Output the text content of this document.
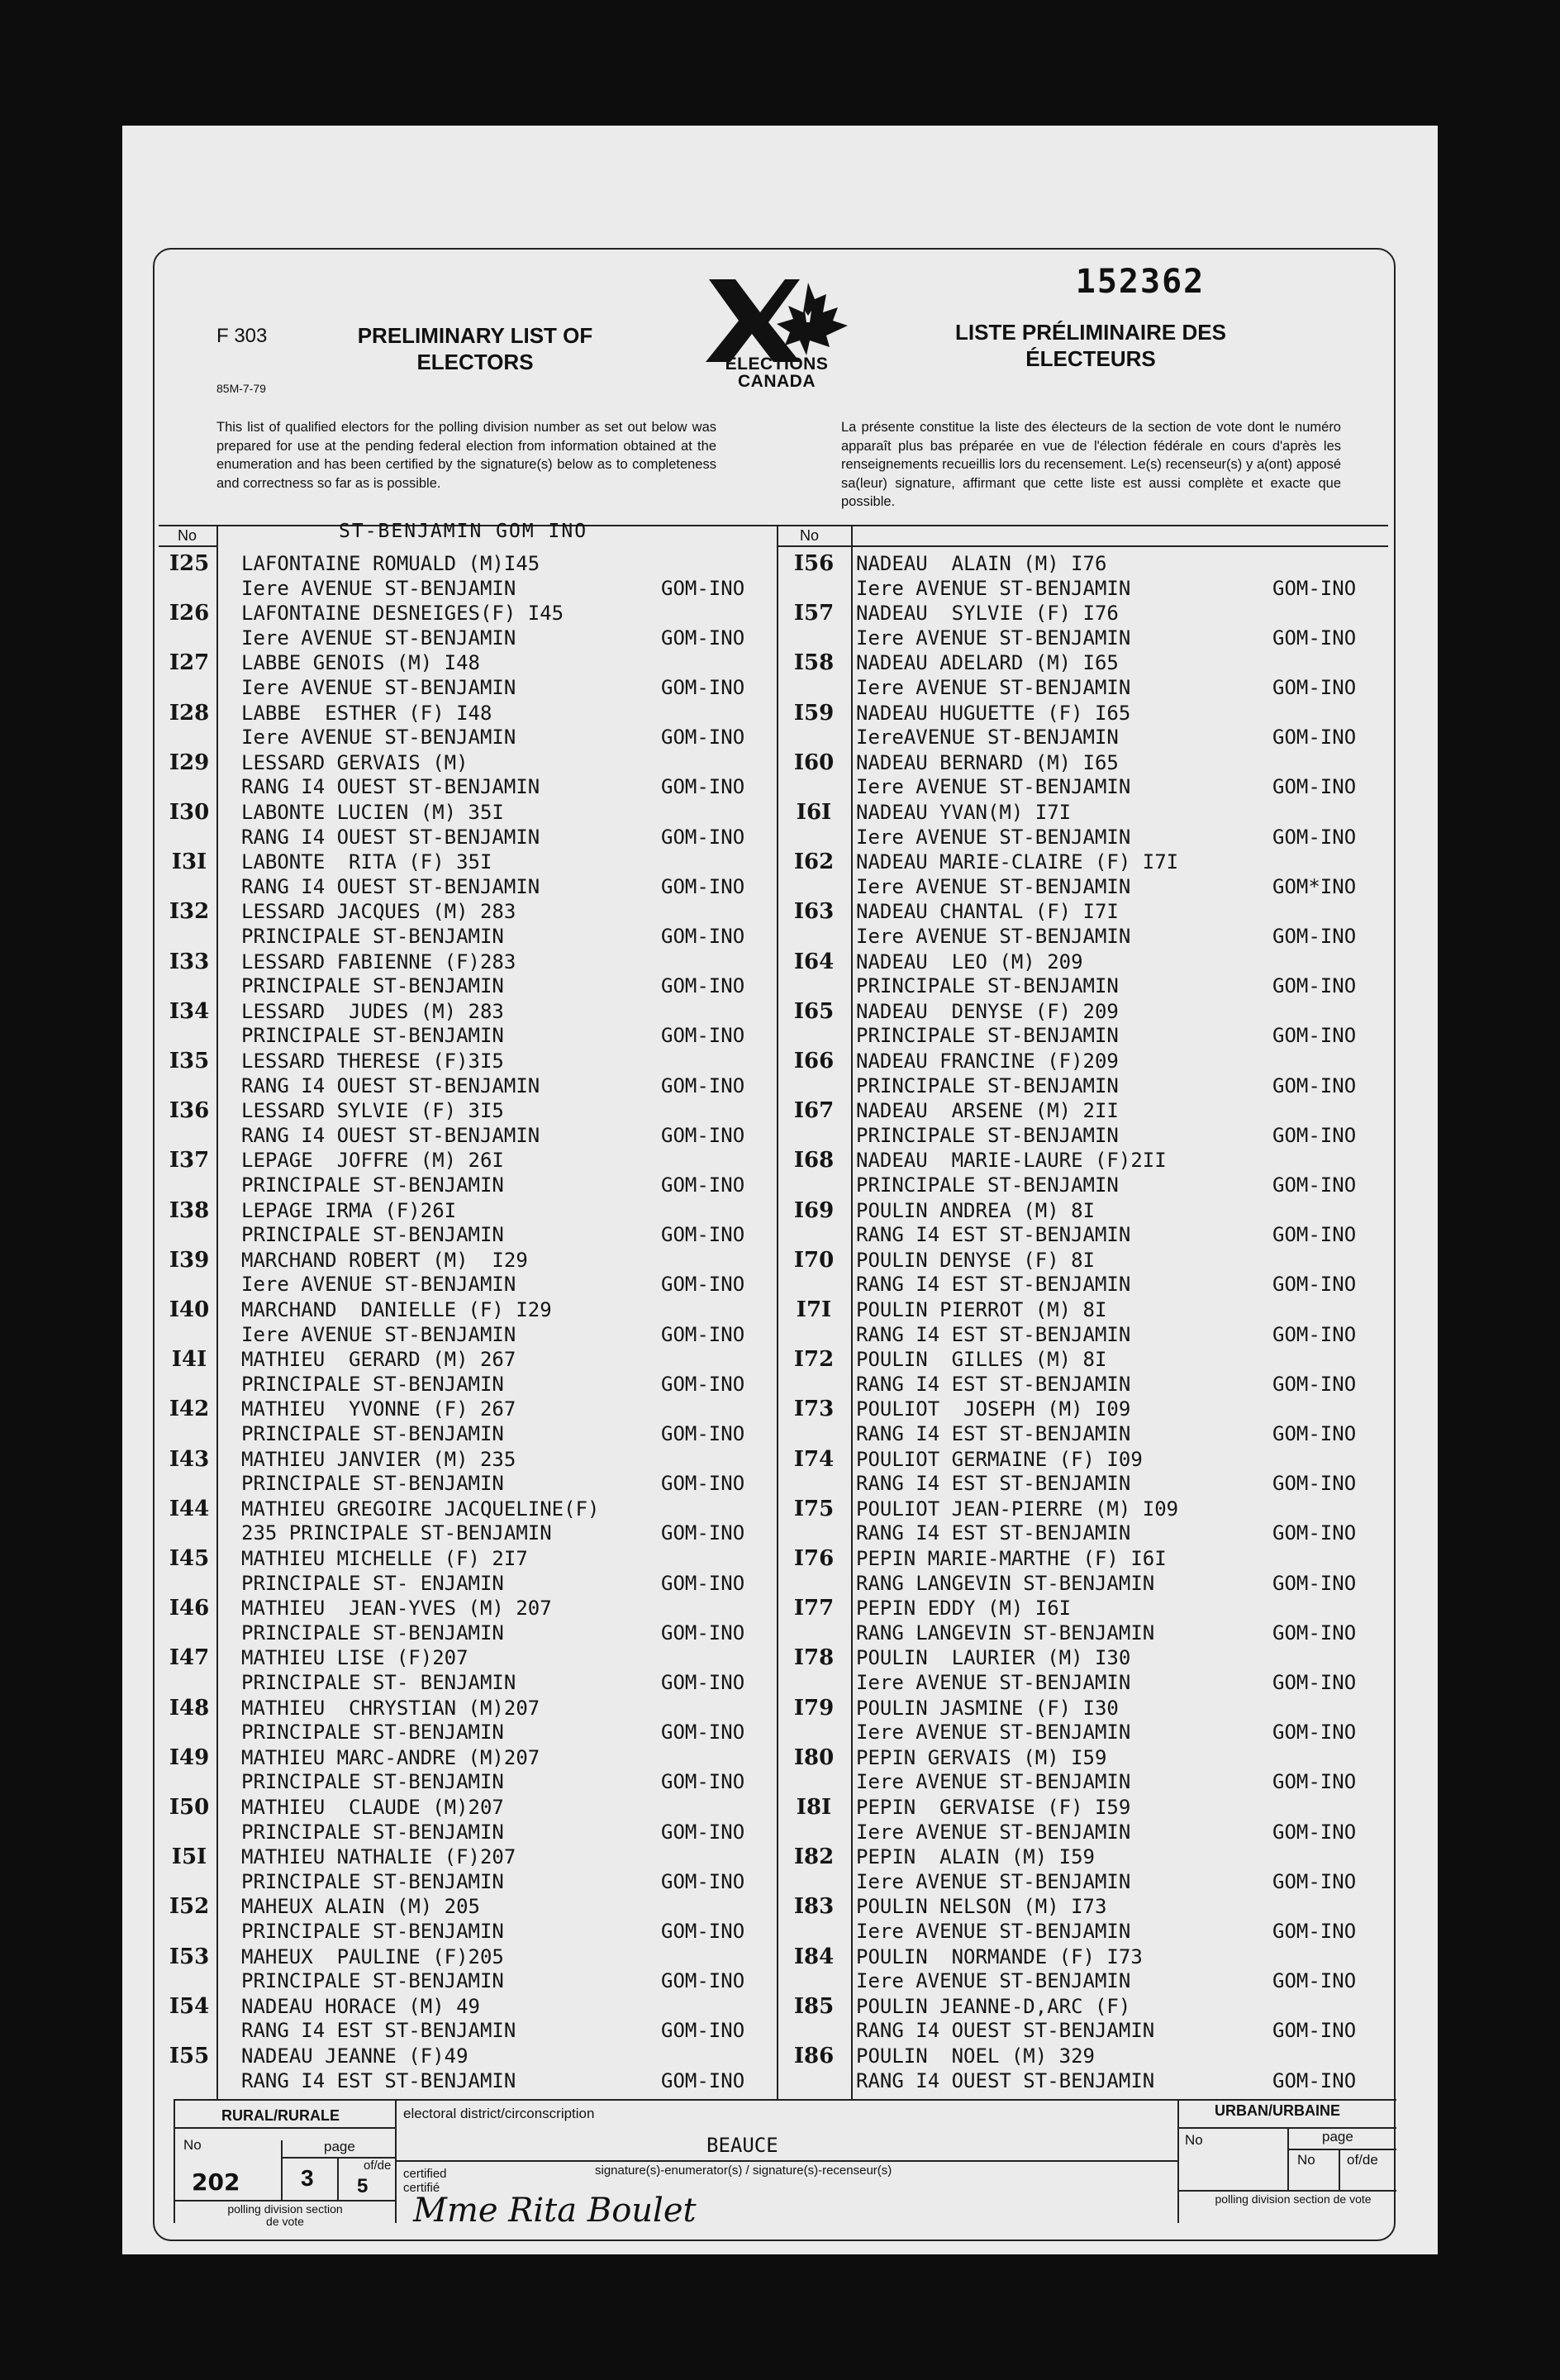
152362
F 303
85M-7-79
PRELIMINARY LIST OF ELECTORS
LISTE PRÉLIMINAIRE DES ÉLECTEURS
ELECTIONS CANADA
This list of qualified electors for the polling division number as set out below was prepared for use at the pending federal election from information obtained at the enumeration and has been certified by the signature(s) below as to completeness and correctness so far as is possible.
La présente constitue la liste des électeurs de la section de vote dont le numéro apparaît plus bas préparée en vue de l'élection fédérale en cours d'après les renseignements recueillis lors du recensement. Le(s) recenseur(s) y a(ont) apposé sa(leur) signature, affirmant que cette liste est aussi complète et exacte que possible.
No	ST-BENJAMIN GOM INO	No
I25	LAFONTAINE ROMUALD (M)I45
Iere AVENUE ST-BENJAMIN	GOM-INO
I26	LAFONTAINE DESNEIGES(F) I45
Iere AVENUE ST-BENJAMIN	GOM-INO
I27	LABBE GENOIS (M) I48
Iere AVENUE ST-BENJAMIN	GOM-INO
I28	LABBE  ESTHER (F) I48
Iere AVENUE ST-BENJAMIN	GOM-INO
I29	LESSARD GERVAIS (M)
RANG I4 OUEST ST-BENJAMIN	GOM-INO
I30	LABONTE LUCIEN (M) 35I
RANG I4 OUEST ST-BENJAMIN	GOM-INO
I3I	LABONTE  RITA (F) 35I
RANG I4 OUEST ST-BENJAMIN	GOM-INO
I32	LESSARD JACQUES (M) 283
PRINCIPALE ST-BENJAMIN	GOM-INO
I33	LESSARD FABIENNE (F)283
PRINCIPALE ST-BENJAMIN	GOM-INO
I34	LESSARD  JUDES (M) 283
PRINCIPALE ST-BENJAMIN	GOM-INO
I35	LESSARD THERESE (F)3I5
RANG I4 OUEST ST-BENJAMIN	GOM-INO
I36	LESSARD SYLVIE (F) 3I5
RANG I4 OUEST ST-BENJAMIN	GOM-INO
I37	LEPAGE  JOFFRE (M) 26I
PRINCIPALE ST-BENJAMIN	GOM-INO
I38	LEPAGE IRMA (F)26I
PRINCIPALE ST-BENJAMIN	GOM-INO
I39	MARCHAND ROBERT (M)  I29
Iere AVENUE ST-BENJAMIN	GOM-INO
I40	MARCHAND  DANIELLE (F) I29
Iere AVENUE ST-BENJAMIN	GOM-INO
I4I	MATHIEU  GERARD (M) 267
PRINCIPALE ST-BENJAMIN	GOM-INO
I42	MATHIEU  YVONNE (F) 267
PRINCIPALE ST-BENJAMIN	GOM-INO
I43	MATHIEU JANVIER (M) 235
PRINCIPALE ST-BENJAMIN	GOM-INO
I44	MATHIEU GREGOIRE JACQUELINE(F)
235 PRINCIPALE ST-BENJAMIN	GOM-INO
I45	MATHIEU MICHELLE (F) 2I7
PRINCIPALE ST- ENJAMIN	GOM-INO
I46	MATHIEU  JEAN-YVES (M) 207
PRINCIPALE ST-BENJAMIN	GOM-INO
I47	MATHIEU LISE (F)207
PRINCIPALE ST- BENJAMIN	GOM-INO
I48	MATHIEU  CHRYSTIAN (M)207
PRINCIPALE ST-BENJAMIN	GOM-INO
I49	MATHIEU MARC-ANDRE (M)207
PRINCIPALE ST-BENJAMIN	GOM-INO
I50	MATHIEU  CLAUDE (M)207
PRINCIPALE ST-BENJAMIN	GOM-INO
I5I	MATHIEU NATHALIE (F)207
PRINCIPALE ST-BENJAMIN	GOM-INO
I52	MAHEUX ALAIN (M) 205
PRINCIPALE ST-BENJAMIN	GOM-INO
I53	MAHEUX  PAULINE (F)205
PRINCIPALE ST-BENJAMIN	GOM-INO
I54	NADEAU HORACE (M) 49
RANG I4 EST ST-BENJAMIN	GOM-INO
I55	NADEAU JEANNE (F)49
RANG I4 EST ST-BENJAMIN	GOM-INO
I56	NADEAU  ALAIN (M) I76
Iere AVENUE ST-BENJAMIN	GOM-INO
I57	NADEAU  SYLVIE (F) I76
Iere AVENUE ST-BENJAMIN	GOM-INO
I58	NADEAU ADELARD (M) I65
Iere AVENUE ST-BENJAMIN	GOM-INO
I59	NADEAU HUGUETTE (F) I65
IereAVENUE ST-BENJAMIN	GOM-INO
I60	NADEAU BERNARD (M) I65
Iere AVENUE ST-BENJAMIN	GOM-INO
I6I	NADEAU YVAN(M) I7I
Iere AVENUE ST-BENJAMIN	GOM-INO
I62	NADEAU MARIE-CLAIRE (F) I7I
Iere AVENUE ST-BENJAMIN	GOM*INO
I63	NADEAU CHANTAL (F) I7I
Iere AVENUE ST-BENJAMIN	GOM-INO
I64	NADEAU  LEO (M) 209
PRINCIPALE ST-BENJAMIN	GOM-INO
I65	NADEAU  DENYSE (F) 209
PRINCIPALE ST-BENJAMIN	GOM-INO
I66	NADEAU FRANCINE (F)209
PRINCIPALE ST-BENJAMIN	GOM-INO
I67	NADEAU  ARSENE (M) 2II
PRINCIPALE ST-BENJAMIN	GOM-INO
I68	NADEAU  MARIE-LAURE (F)2II
PRINCIPALE ST-BENJAMIN	GOM-INO
I69	POULIN ANDREA (M) 8I
RANG I4 EST ST-BENJAMIN	GOM-INO
I70	POULIN DENYSE (F) 8I
RANG I4 EST ST-BENJAMIN	GOM-INO
I7I	POULIN PIERROT (M) 8I
RANG I4 EST ST-BENJAMIN	GOM-INO
I72	POULIN  GILLES (M) 8I
RANG I4 EST ST-BENJAMIN	GOM-INO
I73	POULIOT  JOSEPH (M) I09
RANG I4 EST ST-BENJAMIN	GOM-INO
I74	POULIOT GERMAINE (F) I09
RANG I4 EST ST-BENJAMIN	GOM-INO
I75	POULIOT JEAN-PIERRE (M) I09
RANG I4 EST ST-BENJAMIN	GOM-INO
I76	PEPIN MARIE-MARTHE (F) I6I
RANG LANGEVIN ST-BENJAMIN	GOM-INO
I77	PEPIN EDDY (M) I6I
RANG LANGEVIN ST-BENJAMIN	GOM-INO
I78	POULIN  LAURIER (M) I30
Iere AVENUE ST-BENJAMIN	GOM-INO
I79	POULIN JASMINE (F) I30
Iere AVENUE ST-BENJAMIN	GOM-INO
I80	PEPIN GERVAIS (M) I59
Iere AVENUE ST-BENJAMIN	GOM-INO
I8I	PEPIN  GERVAISE (F) I59
Iere AVENUE ST-BENJAMIN	GOM-INO
I82	PEPIN  ALAIN (M) I59
Iere AVENUE ST-BENJAMIN	GOM-INO
I83	POULIN NELSON (M) I73
Iere AVENUE ST-BENJAMIN	GOM-INO
I84	POULIN  NORMANDE (F) I73
Iere AVENUE ST-BENJAMIN	GOM-INO
I85	POULIN JEANNE-D,ARC (F)
RANG I4 OUEST ST-BENJAMIN	GOM-INO
I86	POULIN  NOEL (M) 329
RANG I4 OUEST ST-BENJAMIN	GOM-INO
RURAL/RURALE
No	page
of/de
202	3 5
polling division section de vote
electoral district/circonscription
BEAUCE
signature(s)-enumerator(s) / signature(s)-recenseur(s)
certified certifié
Mme Rita Boulet
URBAN/URBAINE
No	page
No of/de
polling division section de vote
